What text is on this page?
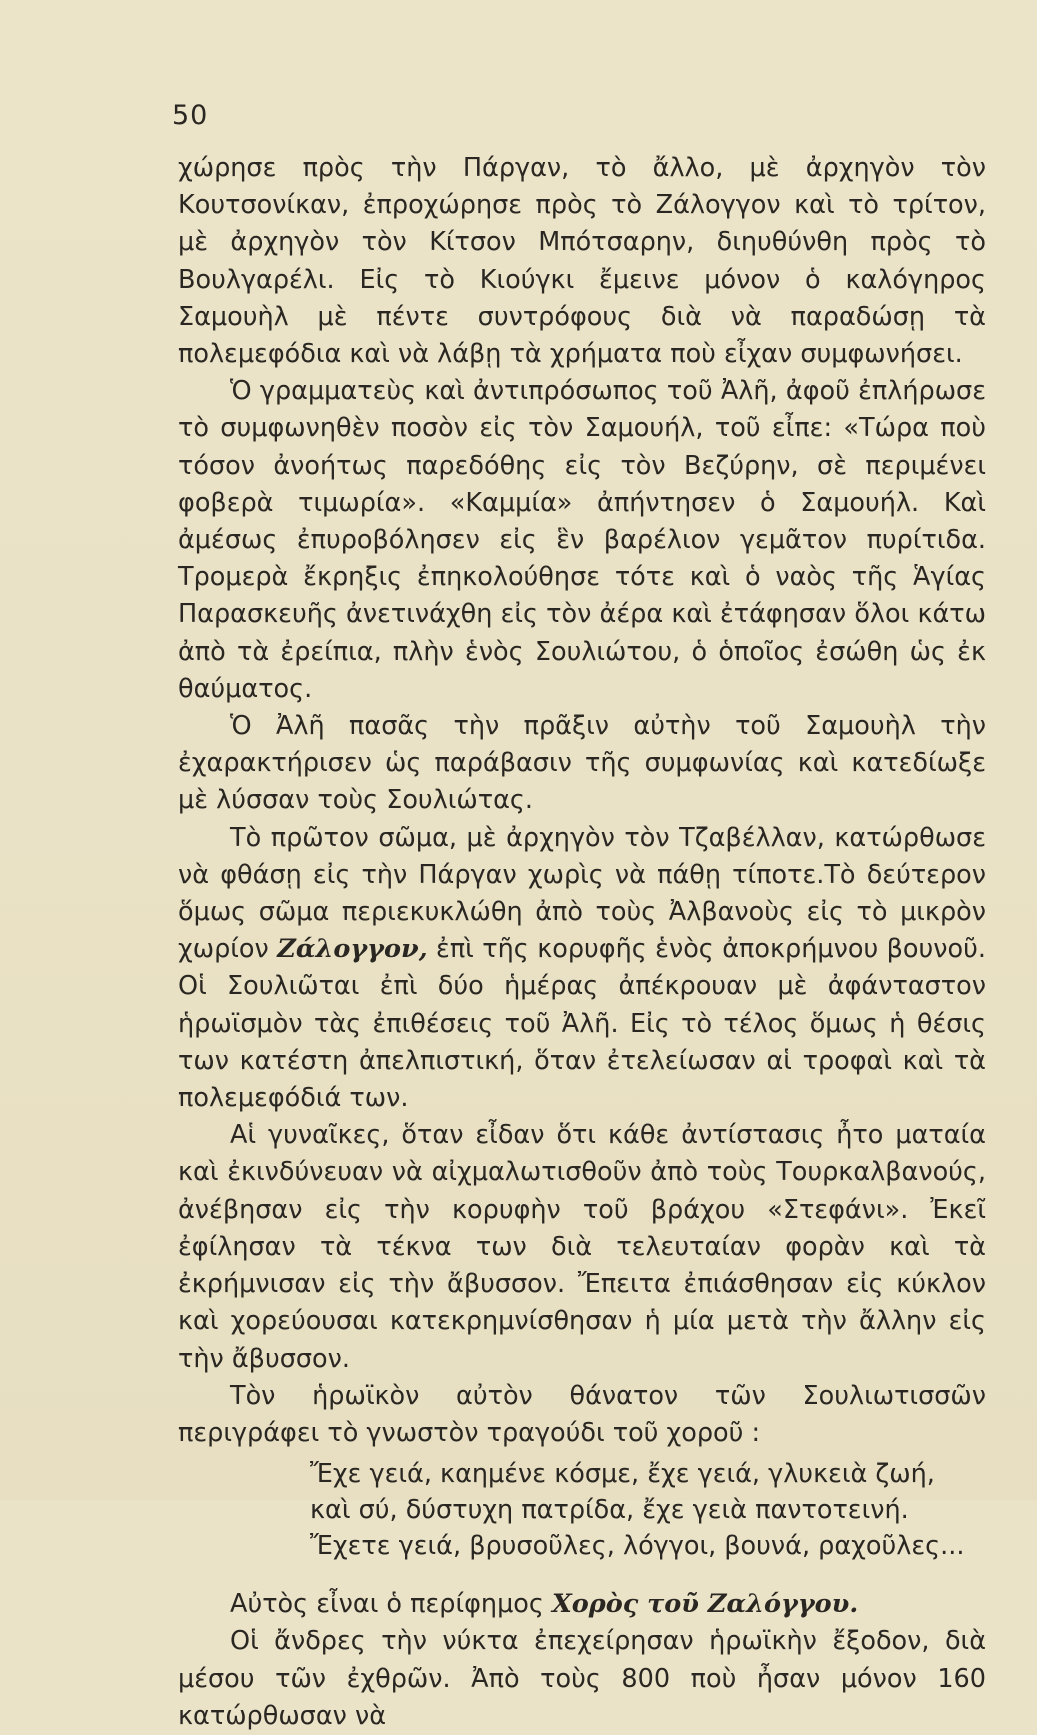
50

χώρησε πρὸς τὴν Πάργαν, τὸ ἄλλο, μὲ ἀρχηγὸν τὸν Κουτσονίκαν, ἐπροχώρησε πρὸς τὸ Ζάλογγον καὶ τὸ τρίτον, μὲ ἀρχηγὸν τὸν Κίτσον Μπότσαρην, διηυθύνθη πρὸς τὸ Βουλγαρέλι. Εἰς τὸ Κιούγκι ἔμεινε μόνον ὁ καλόγηρος Σαμουὴλ μὲ πέντε συντρόφους διὰ νὰ παραδώσῃ τὰ πολεμεφόδια καὶ νὰ λάβῃ τὰ χρήματα ποὺ εἶχαν συμφωνήσει.

Ὁ γραμματεὺς καὶ ἀντιπρόσωπος τοῦ Ἀλῆ, ἀφοῦ ἐπλήρωσε τὸ συμφωνηθὲν ποσὸν εἰς τὸν Σαμουήλ, τοῦ εἶπε: «Τώρα ποὺ τόσον ἀνοήτως παρεδόθης εἰς τὸν Βεζύρην, σὲ περιμένει φοβερὰ τιμωρία». «Καμμία» ἀπήντησεν ὁ Σαμουήλ. Καὶ ἀμέσως ἐπυροβόλησεν εἰς ἓν βαρέλιον γεμᾶτον πυρίτιδα. Τρομερὰ ἔκρηξις ἐπηκολούθησε τότε καὶ ὁ ναὸς τῆς Ἁγίας Παρασκευῆς ἀνετινάχθη εἰς τὸν ἀέρα καὶ ἐτάφησαν ὅλοι κάτω ἀπὸ τὰ ἐρείπια, πλὴν ἑνὸς Σουλιώτου, ὁ ὁποῖος ἐσώθη ὡς ἐκ θαύματος.

Ὁ Ἀλῆ πασᾶς τὴν πρᾶξιν αὐτὴν τοῦ Σαμουὴλ τὴν ἐχαρακτήρισεν ὡς παράβασιν τῆς συμφωνίας καὶ κατεδίωξε μὲ λύσσαν τοὺς Σουλιώτας.

Τὸ πρῶτον σῶμα, μὲ ἀρχηγὸν τὸν Τζαβέλλαν, κατώρθωσε νὰ φθάσῃ εἰς τὴν Πάργαν χωρὶς νὰ πάθῃ τίποτε.Τὸ δεύτερον ὅμως σῶμα περιεκυκλώθη ἀπὸ τοὺς Ἀλβανοὺς εἰς τὸ μικρὸν χωρίον Ζάλογγον, ἐπὶ τῆς κορυφῆς ἑνὸς ἀποκρήμνου βουνοῦ. Οἱ Σουλιῶται ἐπὶ δύο ἡμέρας ἀπέκρουαν μὲ ἀφάνταστον ἡρωϊσμὸν τὰς ἐπιθέσεις τοῦ Ἀλῆ. Εἰς τὸ τέλος ὅμως ἡ θέσις των κατέστη ἀπελπιστική, ὅταν ἐτελείωσαν αἱ τροφαὶ καὶ τὰ πολεμεφόδιά των.

Αἱ γυναῖκες, ὅταν εἶδαν ὅτι κάθε ἀντίστασις ἦτο ματαία καὶ ἐκινδύνευαν νὰ αἰχμαλωτισθοῦν ἀπὸ τοὺς Τουρκαλβανούς, ἀνέβησαν εἰς τὴν κορυφὴν τοῦ βράχου «Στεφάνι». Ἐκεῖ ἐφίλησαν τὰ τέκνα των διὰ τελευταίαν φορὰν καὶ τὰ ἐκρήμνισαν εἰς τὴν ἄβυσσον. Ἔπειτα ἐπιάσθησαν εἰς κύκλον καὶ χορεύουσαι κατεκρημνίσθησαν ἡ μία μετὰ τὴν ἄλλην εἰς τὴν ἄβυσσον.

Τὸν ἡρωϊκὸν αὐτὸν θάνατον τῶν Σουλιωτισσῶν περιγράφει τὸ γνωστὸν τραγούδι τοῦ χοροῦ :

Ἔχε γειά, καημένε κόσμε, ἔχε γειά, γλυκειὰ ζωή,

καὶ σύ, δύστυχη πατρίδα, ἔχε γειὰ παντοτεινή.

Ἔχετε γειά, βρυσοῦλες, λόγγοι, βουνά, ραχοῦλες...

Αὐτὸς εἶναι ὁ περίφημος Χορὸς τοῦ Ζαλόγγου.

Οἱ ἄνδρες τὴν νύκτα ἐπεχείρησαν ἡρωϊκὴν ἔξοδον, διὰ μέσου τῶν ἐχθρῶν. Ἀπὸ τοὺς 800 ποὺ ἦσαν μόνον 160 κατώρθωσαν νὰ
